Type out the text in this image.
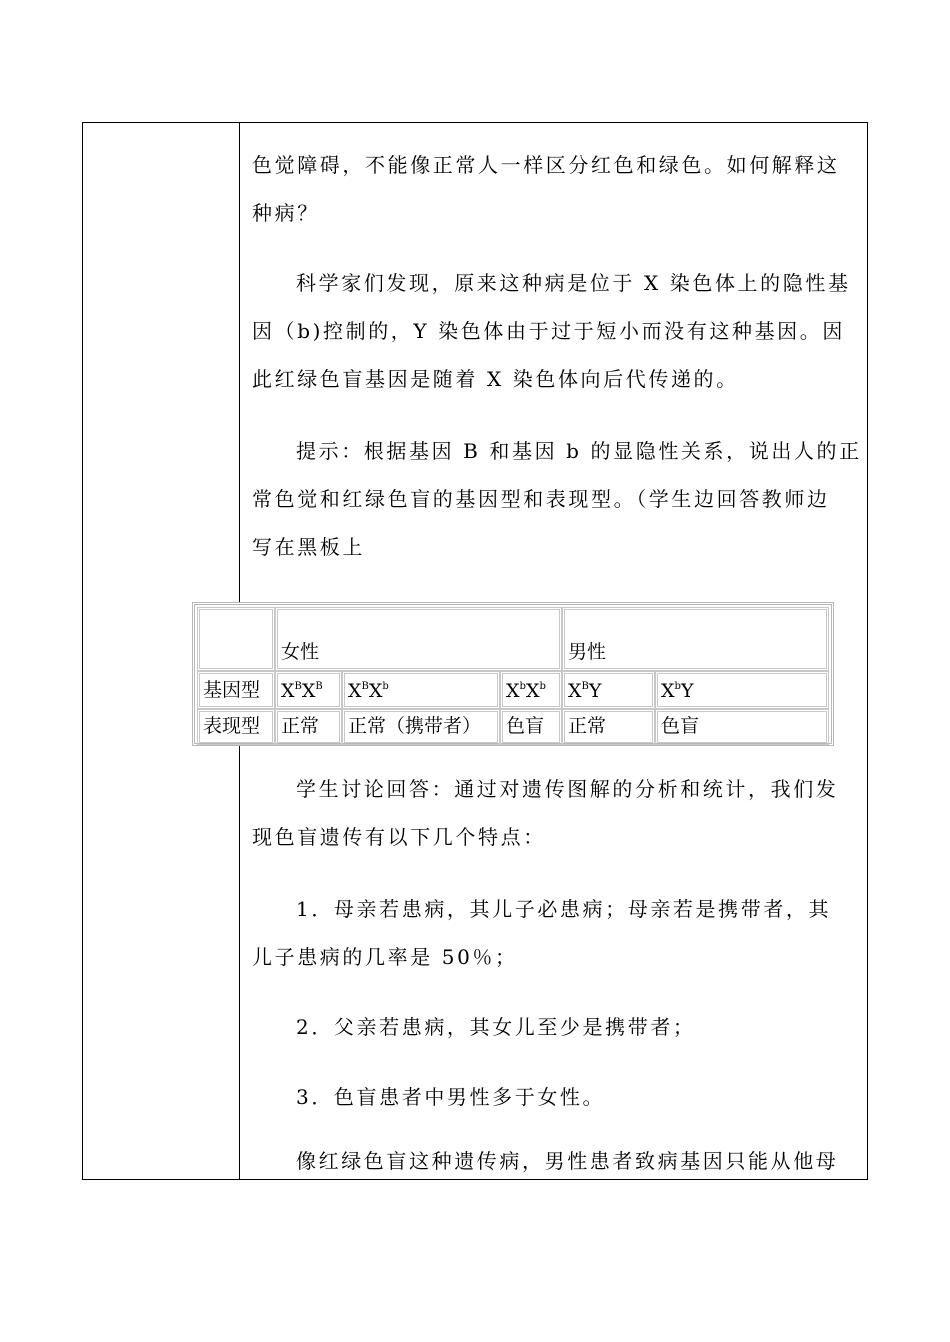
色觉障碍，不能像正常人一样区分红色和绿色。如何解释这
种病？
科学家们发现，原来这种病是位于 X 染色体上的隐性基
因（b)控制的，Y 染色体由于过于短小而没有这种基因。因
此红绿色盲基因是随着 X 染色体向后代传递的。
提示：根据基因 B 和基因 b 的显隐性关系，说出人的正
常色觉和红绿色盲的基因型和表现型。（学生边回答教师边
写在黑板上
学生讨论回答：通过对遗传图解的分析和统计，我们发
现色盲遗传有以下几个特点：
1．母亲若患病，其儿子必患病；母亲若是携带者，其
儿子患病的几率是 50％；
2．父亲若患病，其女儿至少是携带者；
3．色盲患者中男性多于女性。
像红绿色盲这种遗传病，男性患者致病基因只能从他母
女性	男性
基因型 $X^BX^B$ $X^BX^b$	$X^bX^b$ $X^BY$	$X^bY$
表现型 正常 正常（携带者） 色盲 正常	色盲
